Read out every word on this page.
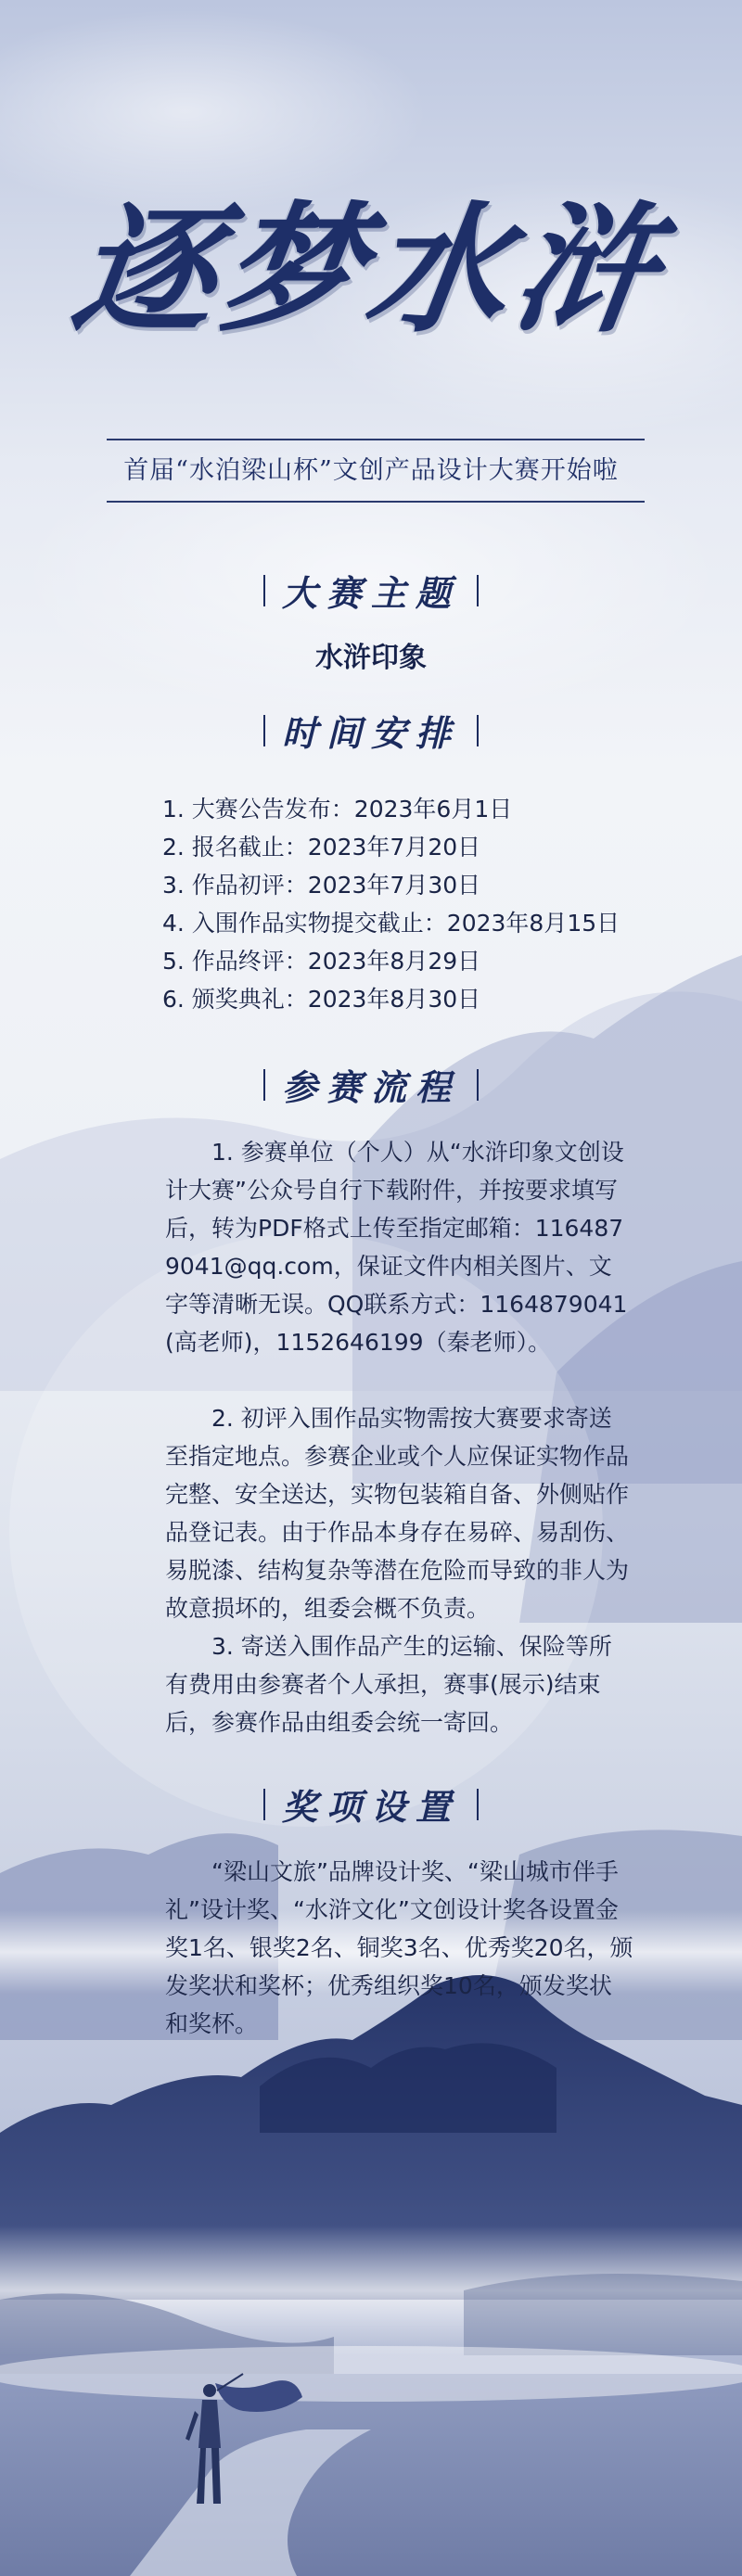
逐梦水浒
首届“水泊梁山杯”文创产品设计大赛开始啦
大赛主题
水浒印象
时间安排
1. 大赛公告发布：2023年6月1日
2. 报名截止：2023年7月20日
3. 作品初评：2023年7月30日
4. 入围作品实物提交截止：2023年8月15日
5. 作品终评：2023年8月29日
6. 颁奖典礼：2023年8月30日
参赛流程

1. 参赛单位（个人）从“水浒印象文创设计大赛”公众号自行下载附件，并按要求填写后，转为PDF格式上传至指定邮箱：1164879041@qq.com，保证文件内相关图片、文字等清晰无误。QQ联系方式：1164879041(高老师)，1152646199（秦老师）。

2. 初评入围作品实物需按大赛要求寄送至指定地点。参赛企业或个人应保证实物作品完整、安全送达，实物包装箱自备、外侧贴作品登记表。由于作品本身存在易碎、易刮伤、易脱漆、结构复杂等潜在危险而导致的非人为故意损坏的，组委会概不负责。

3. 寄送入围作品产生的运输、保险等所有费用由参赛者个人承担，赛事(展示)结束后，参赛作品由组委会统一寄回。

奖项设置

“梁山文旅”品牌设计奖、“梁山城市伴手礼”设计奖、“水浒文化”文创设计奖各设置金奖1名、银奖2名、铜奖3名、优秀奖20名，颁发奖状和奖杯；优秀组织奖10名，颁发奖状和奖杯。
